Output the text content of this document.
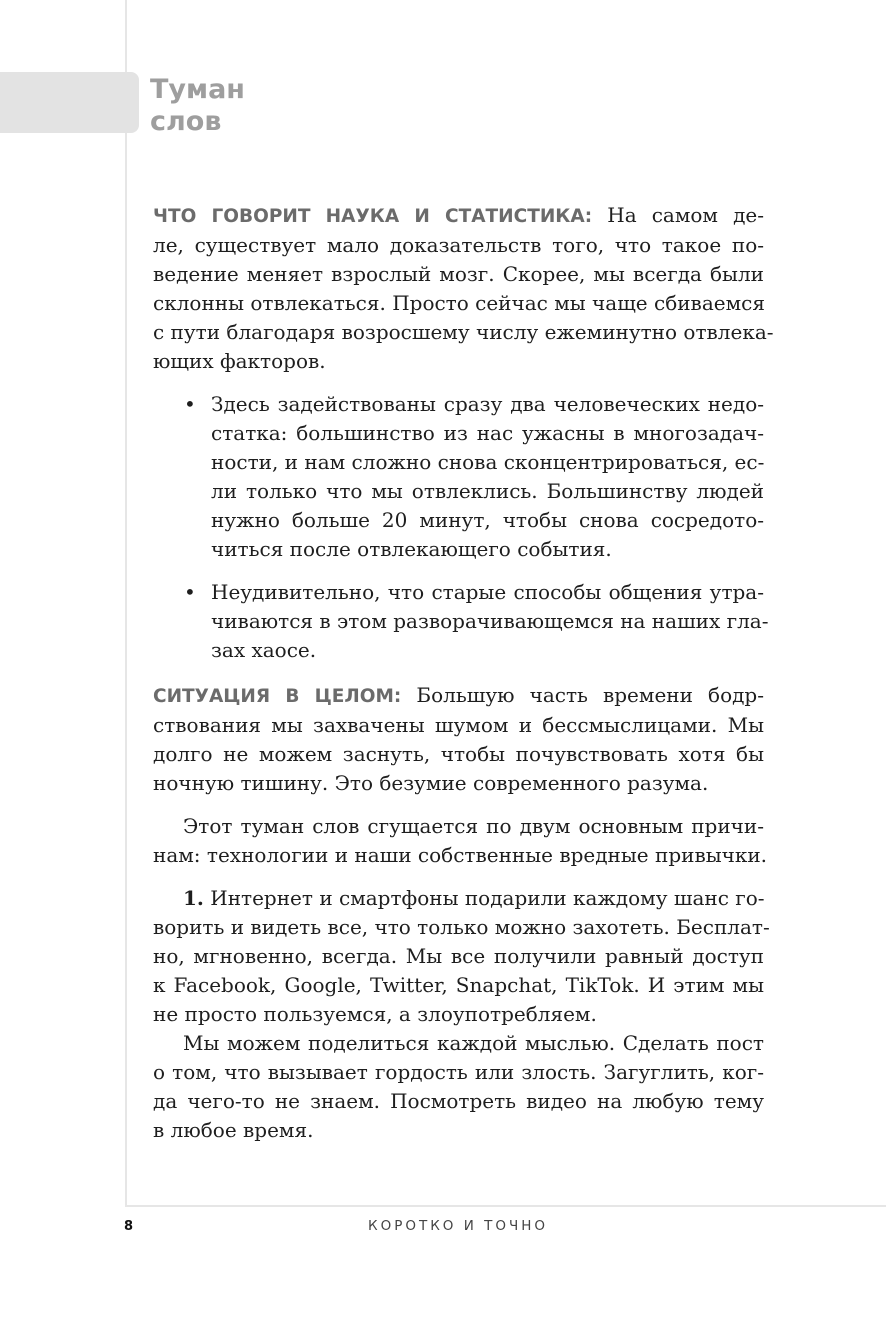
Туман
слов
ЧТО ГОВОРИТ НАУКА И СТАТИСТИКА: На самом де-
ле, существует мало доказательств того, что такое по-
ведение меняет взрослый мозг. Скорее, мы всегда были
склонны отвлекаться. Просто сейчас мы чаще сбиваемся
с пути благодаря возросшему числу ежеминутно отвлека-
ющих факторов.
• Здесь задействованы сразу два человеческих недо-
статка: большинство из нас ужасны в многозадач-
ности, и нам сложно снова сконцентрироваться, ес-
ли только что мы отвлеклись. Большинству людей
нужно больше 20 минут, чтобы снова сосредото-
читься после отвлекающего события.
• Неудивительно, что старые способы общения утра-
чиваются в этом разворачивающемся на наших гла-
зах хаосе.
СИТУАЦИЯ В ЦЕЛОМ: Большую часть времени бодр-
ствования мы захвачены шумом и бессмыслицами. Мы
долго не можем заснуть, чтобы почувствовать хотя бы
ночную тишину. Это безумие современного разума.
Этот туман слов сгущается по двум основным причи-
нам: технологии и наши собственные вредные привычки.
1. Интернет и смартфоны подарили каждому шанс го-
ворить и видеть все, что только можно захотеть. Бесплат-
но, мгновенно, всегда. Мы все получили равный доступ
к Facebook, Google, Twitter, Snapchat, TikTok. И этим мы
не просто пользуемся, а злоупотребляем.
Мы можем поделиться каждой мыслью. Сделать пост
о том, что вызывает гордость или злость. Загуглить, ког-
да чего-то не знаем. Посмотреть видео на любую тему
в любое время.
8	КОРОТКО И ТОЧНО
